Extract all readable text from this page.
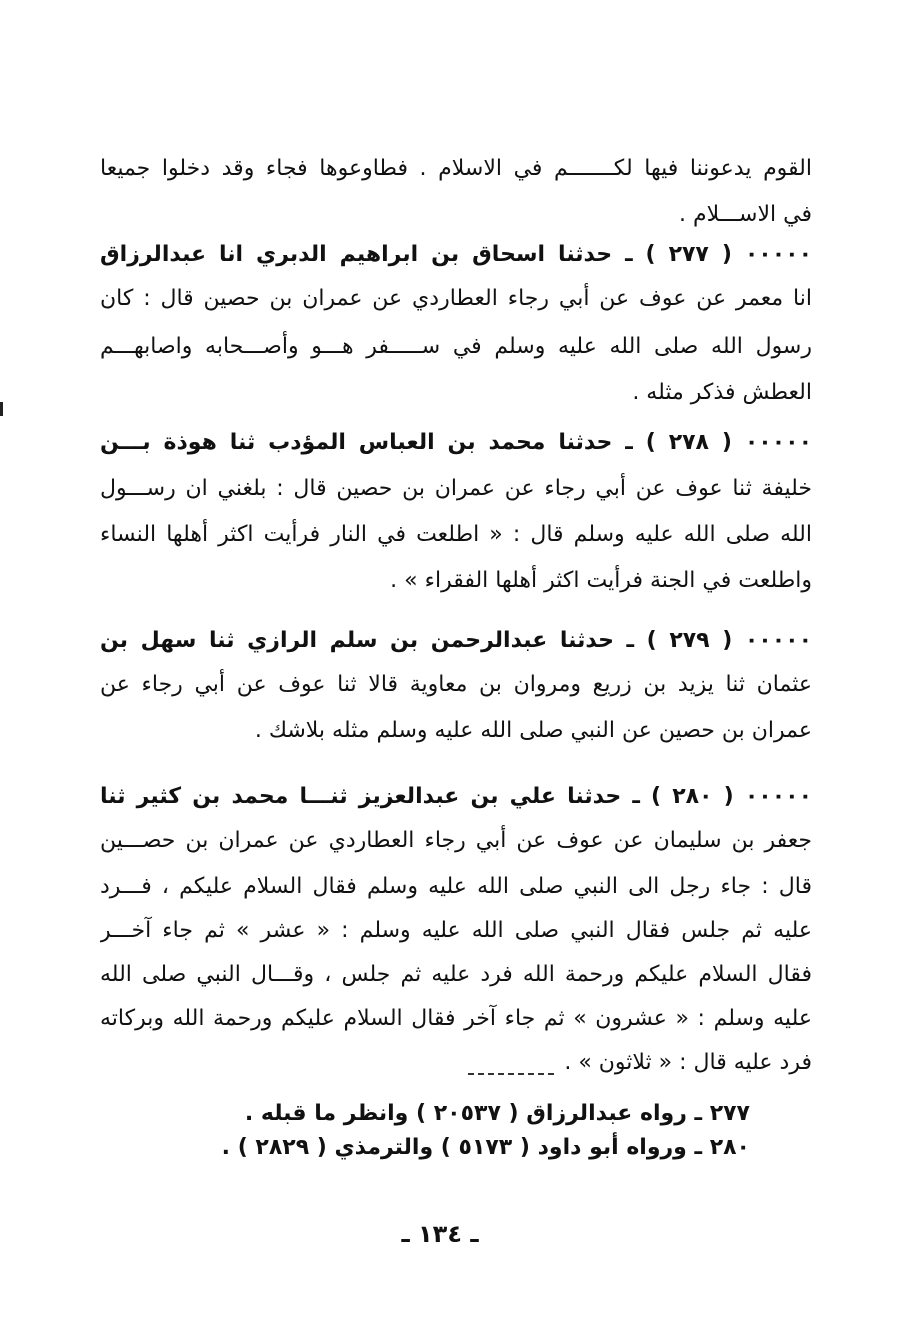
القوم يدعوننا فيها لكـــــــم في الاسلام . فطاوعوها فجاء وقد دخلوا جميعا
في الاســـلام .
٠٠٠٠٠ ( ٢٧٧ ) ـ حدثنا اسحاق بن ابراهيم الدبري انا عبدالرزاق
انا معمر عن عوف عن أبي رجاء العطاردي عن عمران بن حصين قال : كان
رسول الله صلى الله عليه وسلم في ســـــفر هـــو وأصـــحابه واصابهـــم
العطش فذكر مثله .
٠٠٠٠٠ ( ٢٧٨ ) ـ حدثنا محمد بن العباس المؤدب ثنا هوذة بـــن
خليفة ثنا عوف عن أبي رجاء عن عمران بن حصين قال : بلغني ان رســـول
الله صلى الله عليه وسلم قال : « اطلعت في النار فرأيت اكثر أهلها النساء
واطلعت في الجنة فرأيت اكثر أهلها الفقراء » .
٠٠٠٠٠ ( ٢٧٩ ) ـ حدثنا عبدالرحمن بن سلم الرازي ثنا سهل بن
عثمان ثنا يزيد بن زريع ومروان بن معاوية قالا ثنا عوف عن أبي رجاء عن
عمران بن حصين عن النبي صلى الله عليه وسلم مثله بلاشك .
٠٠٠٠٠ ( ٢٨٠ ) ـ حدثنا علي بن عبدالعزيز ثنـــا محمد بن كثير ثنا
جعفر بن سليمان عن عوف عن أبي رجاء العطاردي عن عمران بن حصـــين
قال : جاء رجل الى النبي صلى الله عليه وسلم فقال السلام عليكم ، فـــرد
عليه ثم جلس فقال النبي صلى الله عليه وسلم : « عشر » ثم جاء آخـــر
فقال السلام عليكم ورحمة الله فرد عليه ثم جلس ، وقـــال النبي صلى الله
عليه وسلم : « عشرون » ثم جاء آخر فقال السلام عليكم ورحمة الله وبركاته
فرد عليه قال : « ثلاثون » .
٢٧٧ ـ رواه عبدالرزاق ( ٢٠٥٣٧ ) وانظر ما قبله .
٢٨٠ ـ ورواه أبو داود ( ٥١٧٣ ) والترمذي ( ٢٨٢٩ ) .
ـ ١٣٤ ـ
